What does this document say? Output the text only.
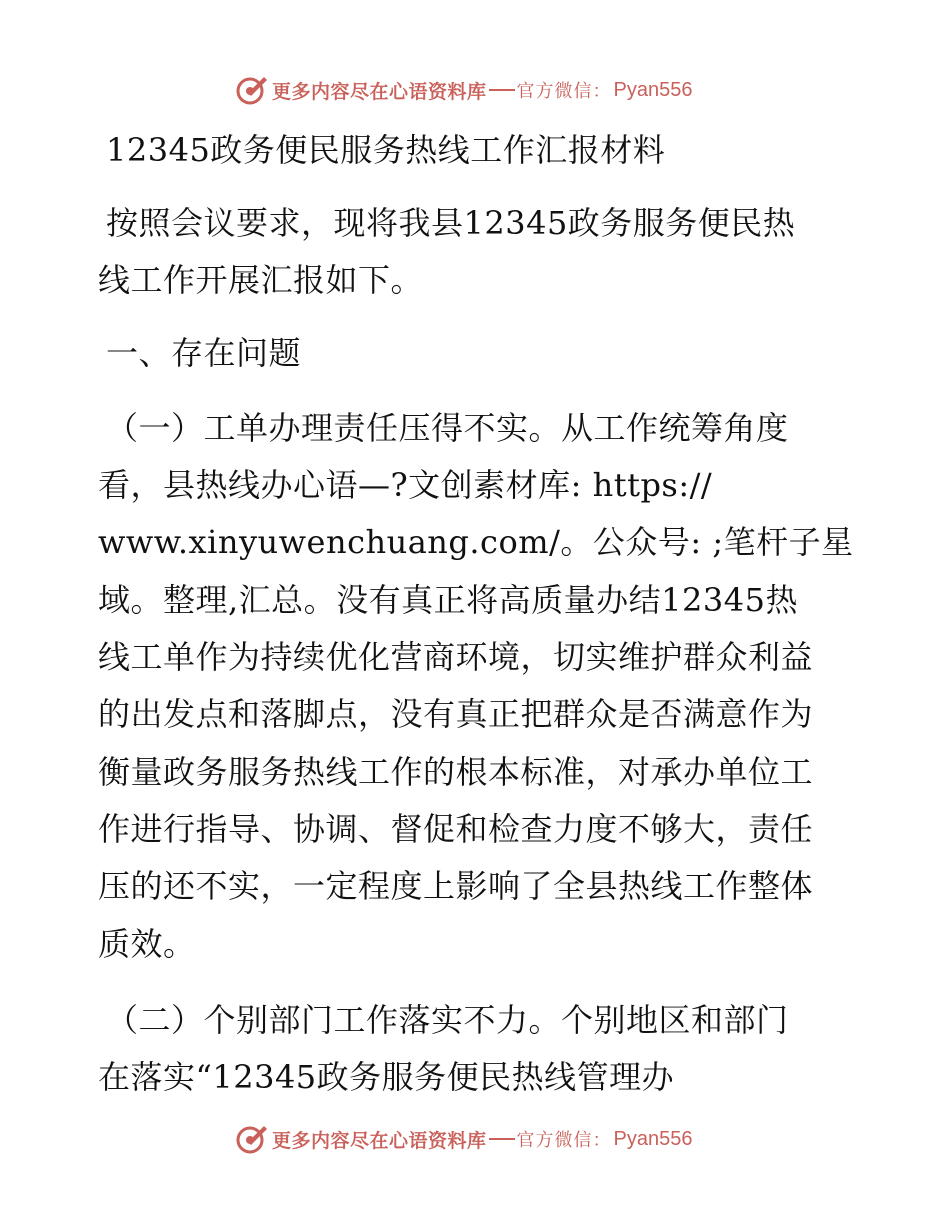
更多内容尽在心语资料库 官方微信： Pyan556
12345政务便民服务热线工作汇报材料
按照会议要求，现将我县12345政务服务便民热
线工作开展汇报如下。
一、存在问题
（一）工单办理责任压得不实。从工作统筹角度
看，县热线办心语—?文创素材库: https://
www.xinyuwenchuang.com/。公众号: ;笔杆子星
域。整理,汇总。没有真正将高质量办结12345热
线工单作为持续优化营商环境，切实维护群众利益
的出发点和落脚点，没有真正把群众是否满意作为
衡量政务服务热线工作的根本标准，对承办单位工
作进行指导、协调、督促和检查力度不够大，责任
压的还不实，一定程度上影响了全县热线工作整体
质效。
（二）个别部门工作落实不力。个别地区和部门
在落实“12345政务服务便民热线管理办
更多内容尽在心语资料库 官方微信： Pyan556
